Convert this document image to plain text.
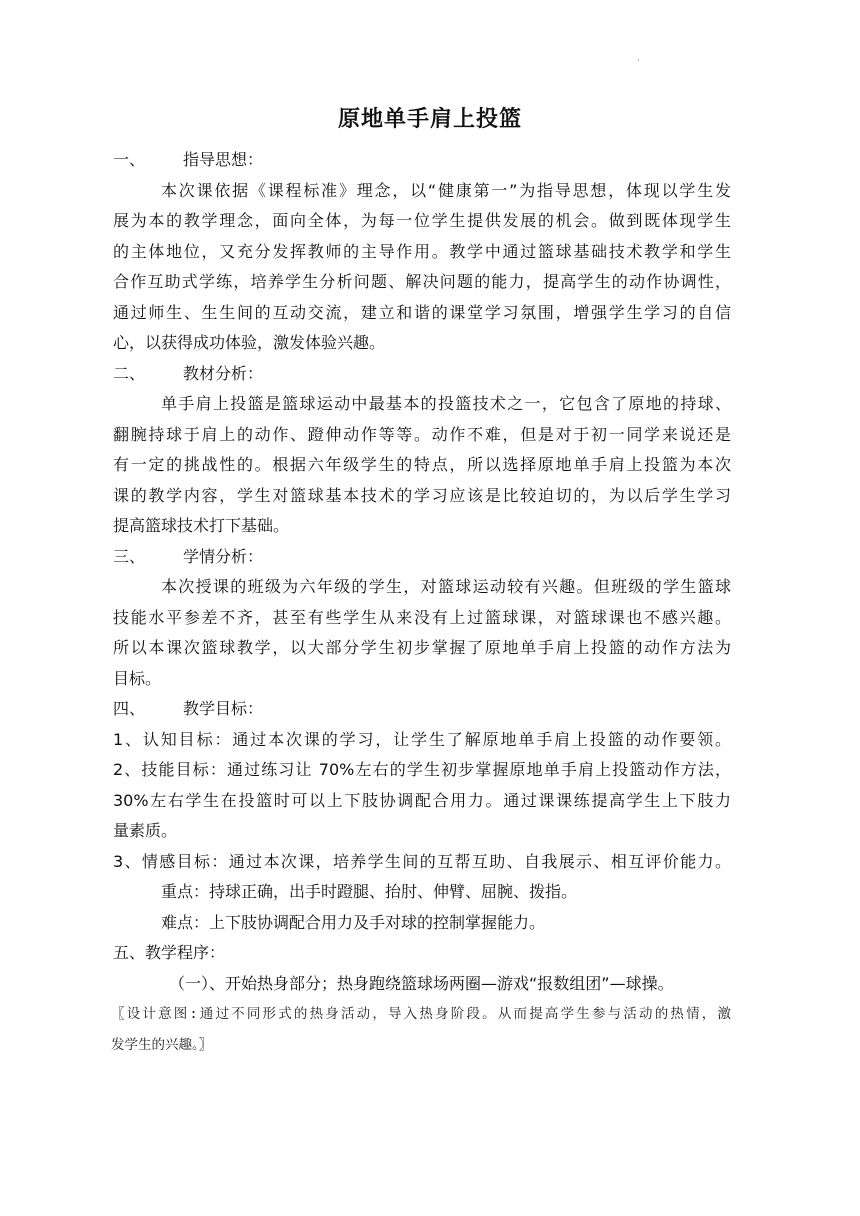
·
原地单手肩上投篮
一、 指导思想：
本次课依据《课程标准》理念，以“健康第一”为指导思想，体现以学生发
展为本的教学理念，面向全体，为每一位学生提供发展的机会。做到既体现学生
的主体地位，又充分发挥教师的主导作用。教学中通过篮球基础技术教学和学生
合作互助式学练，培养学生分析问题、解决问题的能力，提高学生的动作协调性，
通过师生、生生间的互动交流，建立和谐的课堂学习氛围，增强学生学习的自信
心，以获得成功体验，激发体验兴趣。
二、 教材分析：
单手肩上投篮是篮球运动中最基本的投篮技术之一，它包含了原地的持球、
翻腕持球于肩上的动作、蹬伸动作等等。动作不难，但是对于初一同学来说还是
有一定的挑战性的。根据六年级学生的特点，所以选择原地单手肩上投篮为本次
课的教学内容，学生对篮球基本技术的学习应该是比较迫切的，为以后学生学习
提高篮球技术打下基础。
三、 学情分析：
本次授课的班级为六年级的学生，对篮球运动较有兴趣。但班级的学生篮球
技能水平参差不齐，甚至有些学生从来没有上过篮球课，对篮球课也不感兴趣。
所以本课次篮球教学，以大部分学生初步掌握了原地单手肩上投篮的动作方法为
目标。
四、 教学目标：
1、认知目标：通过本次课的学习，让学生了解原地单手肩上投篮的动作要领。
2、技能目标：通过练习让 70%左右的学生初步掌握原地单手肩上投篮动作方法，
30%左右学生在投篮时可以上下肢协调配合用力。通过课课练提高学生上下肢力
量素质。
3、情感目标：通过本次课，培养学生间的互帮互助、自我展示、相互评价能力。
重点：持球正确，出手时蹬腿、抬肘、伸臂、屈腕、拨指。
难点：上下肢协调配合用力及手对球的控制掌握能力。
五、教学程序：
（一）、开始热身部分；热身跑绕篮球场两圈—游戏“报数组团”—球操。
〖设计意图:通过不同形式的热身活动，导入热身阶段。从而提高学生参与活动的热情，激
发学生的兴趣。〗
